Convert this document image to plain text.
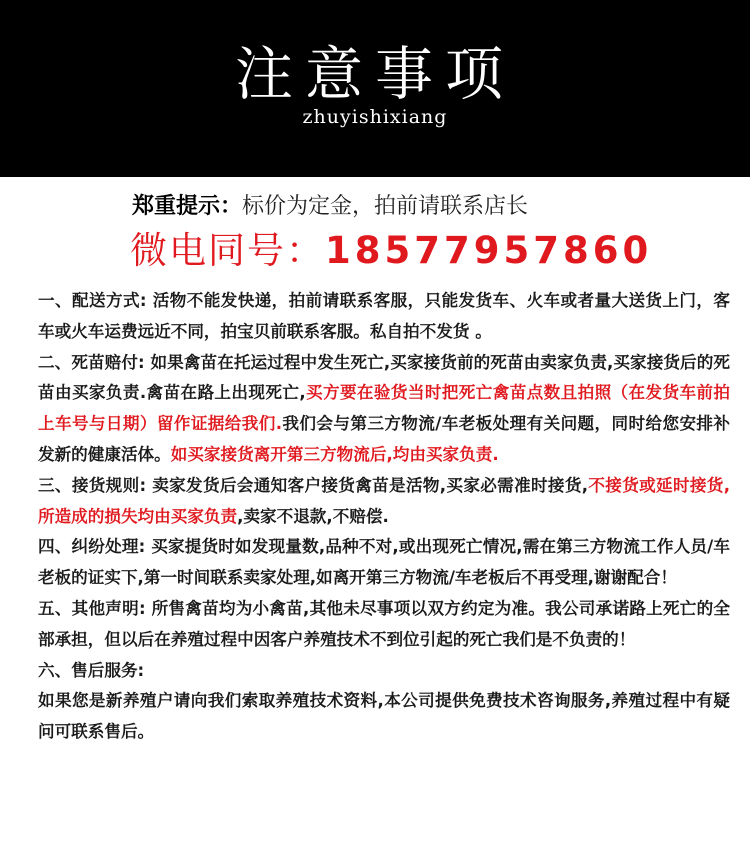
注意事项
zhuyishixiang
郑重提示：标价为定金，拍前请联系店长
微电同号：18577957860

一、配送方式: 活物不能发快递，拍前请联系客服，只能发货车、火车或者量大送货上门，客车或火车运费远近不同，拍宝贝前联系客服。私自拍不发货 。

二、死苗赔付: 如果禽苗在托运过程中发生死亡,买家接货前的死苗由卖家负责,买家接货后的死苗由买家负责.禽苗在路上出现死亡,买方要在验货当时把死亡禽苗点数且拍照（在发货车前拍上车号与日期）留作证据给我们.我们会与第三方物流/车老板处理有关问题，同时给您安排补发新的健康活体。如买家接货离开第三方物流后,均由买家负责.

三、接货规则: 卖家发货后会通知客户接货禽苗是活物,买家必需准时接货,不接货或延时接货,所造成的损失均由买家负责,卖家不退款,不赔偿.

四、纠纷处理: 买家提货时如发现量数,品种不对,或出现死亡情况,需在第三方物流工作人员/车老板的证实下,第一时间联系卖家处理,如离开第三方物流/车老板后不再受理,谢谢配合！

五、其他声明: 所售禽苗均为小禽苗,其他未尽事项以双方约定为准。我公司承诺路上死亡的全部承担，但以后在养殖过程中因客户养殖技术不到位引起的死亡我们是不负责的！

六、售后服务:

如果您是新养殖户请向我们索取养殖技术资料,本公司提供免费技术咨询服务,养殖过程中有疑问可联系售后。
